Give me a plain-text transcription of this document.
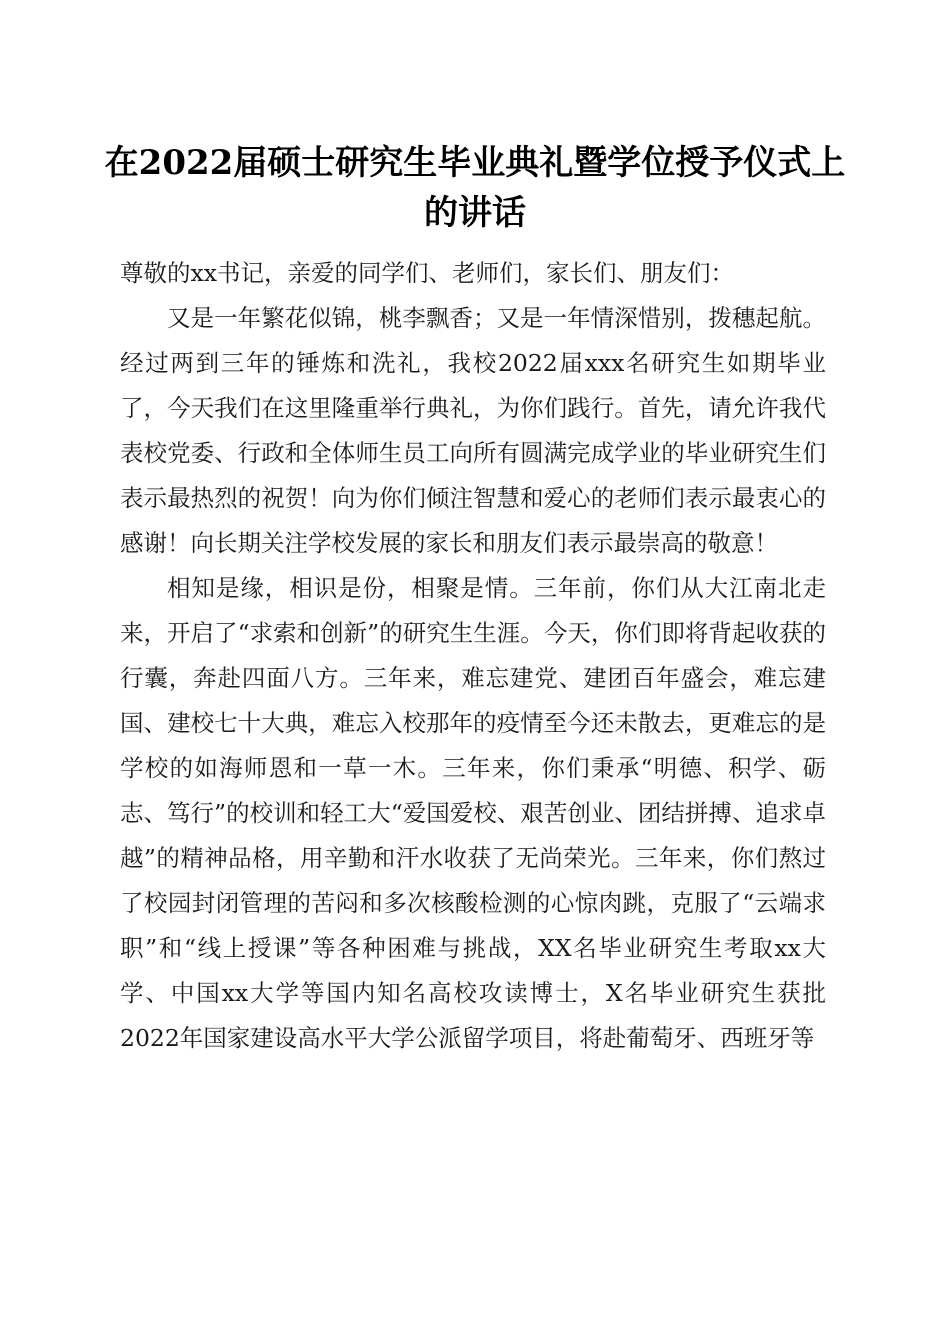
在2022届硕士研究生毕业典礼暨学位授予仪式上的讲话

尊敬的xx书记，亲爱的同学们、老师们，家长们、朋友们：

又是一年繁花似锦，桃李飘香；又是一年情深惜别，拨穗起航。经过两到三年的锤炼和洗礼，我校2022届xxx名研究生如期毕业了，今天我们在这里隆重举行典礼，为你们践行。首先，请允许我代表校党委、行政和全体师生员工向所有圆满完成学业的毕业研究生们表示最热烈的祝贺！向为你们倾注智慧和爱心的老师们表示最衷心的感谢！向长期关注学校发展的家长和朋友们表示最崇高的敬意！

相知是缘，相识是份，相聚是情。三年前，你们从大江南北走来，开启了“求索和创新”的研究生生涯。今天，你们即将背起收获的行囊，奔赴四面八方。三年来，难忘建党、建团百年盛会，难忘建国、建校七十大典，难忘入校那年的疫情至今还未散去，更难忘的是学校的如海师恩和一草一木。三年来，你们秉承“明德、积学、砺志、笃行”的校训和轻工大“爱国爱校、艰苦创业、团结拼搏、追求卓越”的精神品格，用辛勤和汗水收获了无尚荣光。三年来，你们熬过了校园封闭管理的苦闷和多次核酸检测的心惊肉跳，克服了“云端求职”和“线上授课”等各种困难与挑战，XX名毕业研究生考取xx大学、中国xx大学等国内知名高校攻读博士，X名毕业研究生获批2022年国家建设高水平大学公派留学项目，将赴葡萄牙、西班牙等
